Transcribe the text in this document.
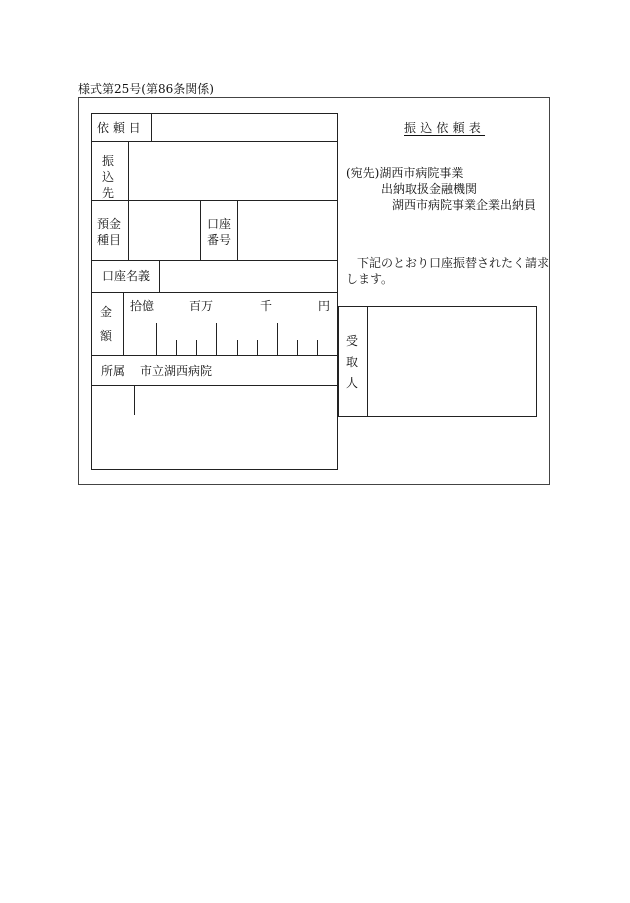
様式第25号(第86条関係)
依 頼 日
振
込
先
預金
種目
口座
番号
口座名義
金

額
拾億	百万	千	円
所属 市立湖西病院
振込依頼表
(宛先)湖西市病院事業
出納取扱金融機関
湖西市病院事業企業出納員
下記のとおり口座振替されたく請求
します。
受
取
人
